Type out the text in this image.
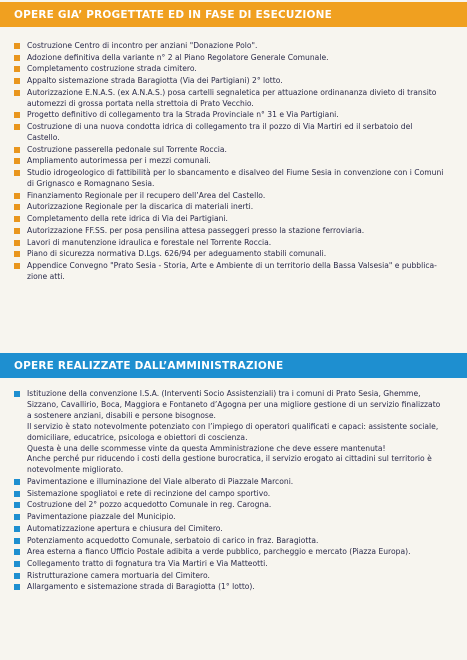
OPERE GIA’ PROGETTATE ED IN FASE DI ESECUZIONE
Costruzione Centro di incontro per anziani "Donazione Polo".
Adozione definitiva della variante n° 2 al Piano Regolatore Generale Comunale.
Completamento costruzione strada cimitero.
Appalto sistemazione strada Baragiotta (Via dei Partigiani) 2° lotto.
Autorizzazione E.N.A.S. (ex A.N.A.S.) posa cartelli segnaletica per attuazione ordinananza divieto di transito
automezzi di grossa portata nella strettoia di Prato Vecchio.
Progetto definitivo di collegamento tra la Strada Provinciale n° 31 e Via Partigiani.
Costruzione di una nuova condotta idrica di collegamento tra il pozzo di Via Martiri ed il serbatoio del
Castello.
Costruzione passerella pedonale sul Torrente Roccia.
Ampliamento autorimessa per i mezzi comunali.
Studio idrogeologico di fattibilità per lo sbancamento e disalveo del Fiume Sesia in convenzione con i Comuni
di Grignasco e Romagnano Sesia.
Finanziamento Regionale per il recupero dell’Area del Castello.
Autorizzazione Regionale per la discarica di materiali inerti.
Completamento della rete idrica di Via dei Partigiani.
Autorizzazione FF.SS. per posa pensilina attesa passeggeri presso la stazione ferroviaria.
Lavori di manutenzione idraulica e forestale nel Torrente Roccia.
Piano di sicurezza normativa D.Lgs. 626/94 per adeguamento stabili comunali.
Appendice Convegno "Prato Sesia - Storia, Arte e Ambiente di un territorio della Bassa Valsesia" e pubblica-
zione atti.
OPERE REALIZZATE DALL’AMMINISTRAZIONE
Istituzione della convenzione I.S.A. (Interventi Socio Assistenziali) tra i comuni di Prato Sesia, Ghemme,
Sizzano, Cavallirio, Boca, Maggiora e Fontaneto d’Agogna per una migliore gestione di un servizio finalizzato
a sostenere anziani, disabili e persone bisognose.
Il servizio è stato notevolmente potenziato con l’impiego di operatori qualificati e capaci: assistente sociale,
domiciliare, educatrice, psicologa e obiettori di coscienza.
Questa è una delle scommesse vinte da questa Amministrazione che deve essere mantenuta!
Anche perché pur riducendo i costi della gestione burocratica, il servizio erogato ai cittadini sul territorio è
notevolmente migliorato.
Pavimentazione e illuminazione del Viale alberato di Piazzale Marconi.
Sistemazione spogliatoi e rete di recinzione del campo sportivo.
Costruzione del 2° pozzo acquedotto Comunale in reg. Carogna.
Pavimentazione piazzale del Municipio.
Automatizzazione apertura e chiusura del Cimitero.
Potenziamento acquedotto Comunale, serbatoio di carico in fraz. Baragiotta.
Area esterna a fianco Ufficio Postale adibita a verde pubblico, parcheggio e mercato (Piazza Europa).
Collegamento tratto di fognatura tra Via Martiri e Via Matteotti.
Ristrutturazione camera mortuaria del Cimitero.
Allargamento e sistemazione strada di Baragiotta (1° lotto).
